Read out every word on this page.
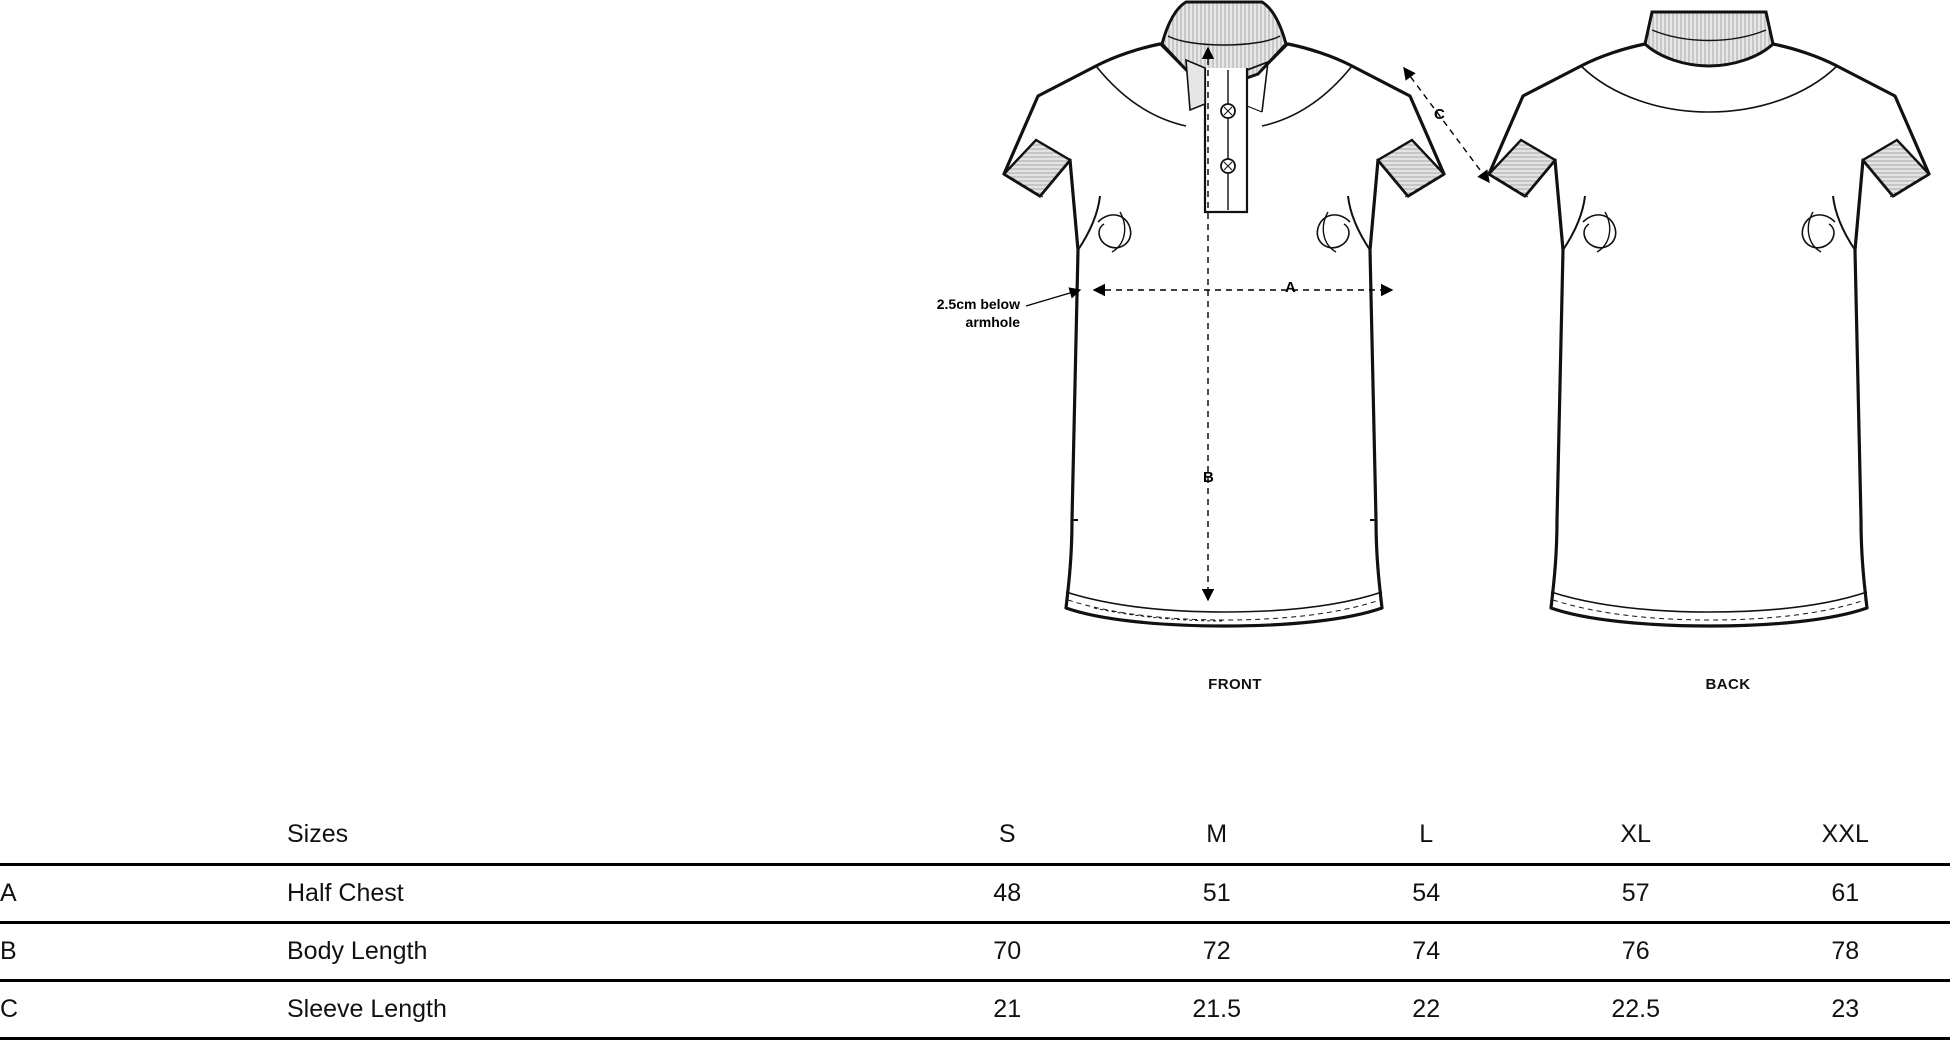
FRONT	BACK
2.5cm below armhole
A
B
C
	Sizes	S	M	L	XL	XXL
A	Half Chest	48	51	54	57	61
B	Body Length	70	72	74	76	78
C	Sleeve Length	21	21.5	22	22.5	23
